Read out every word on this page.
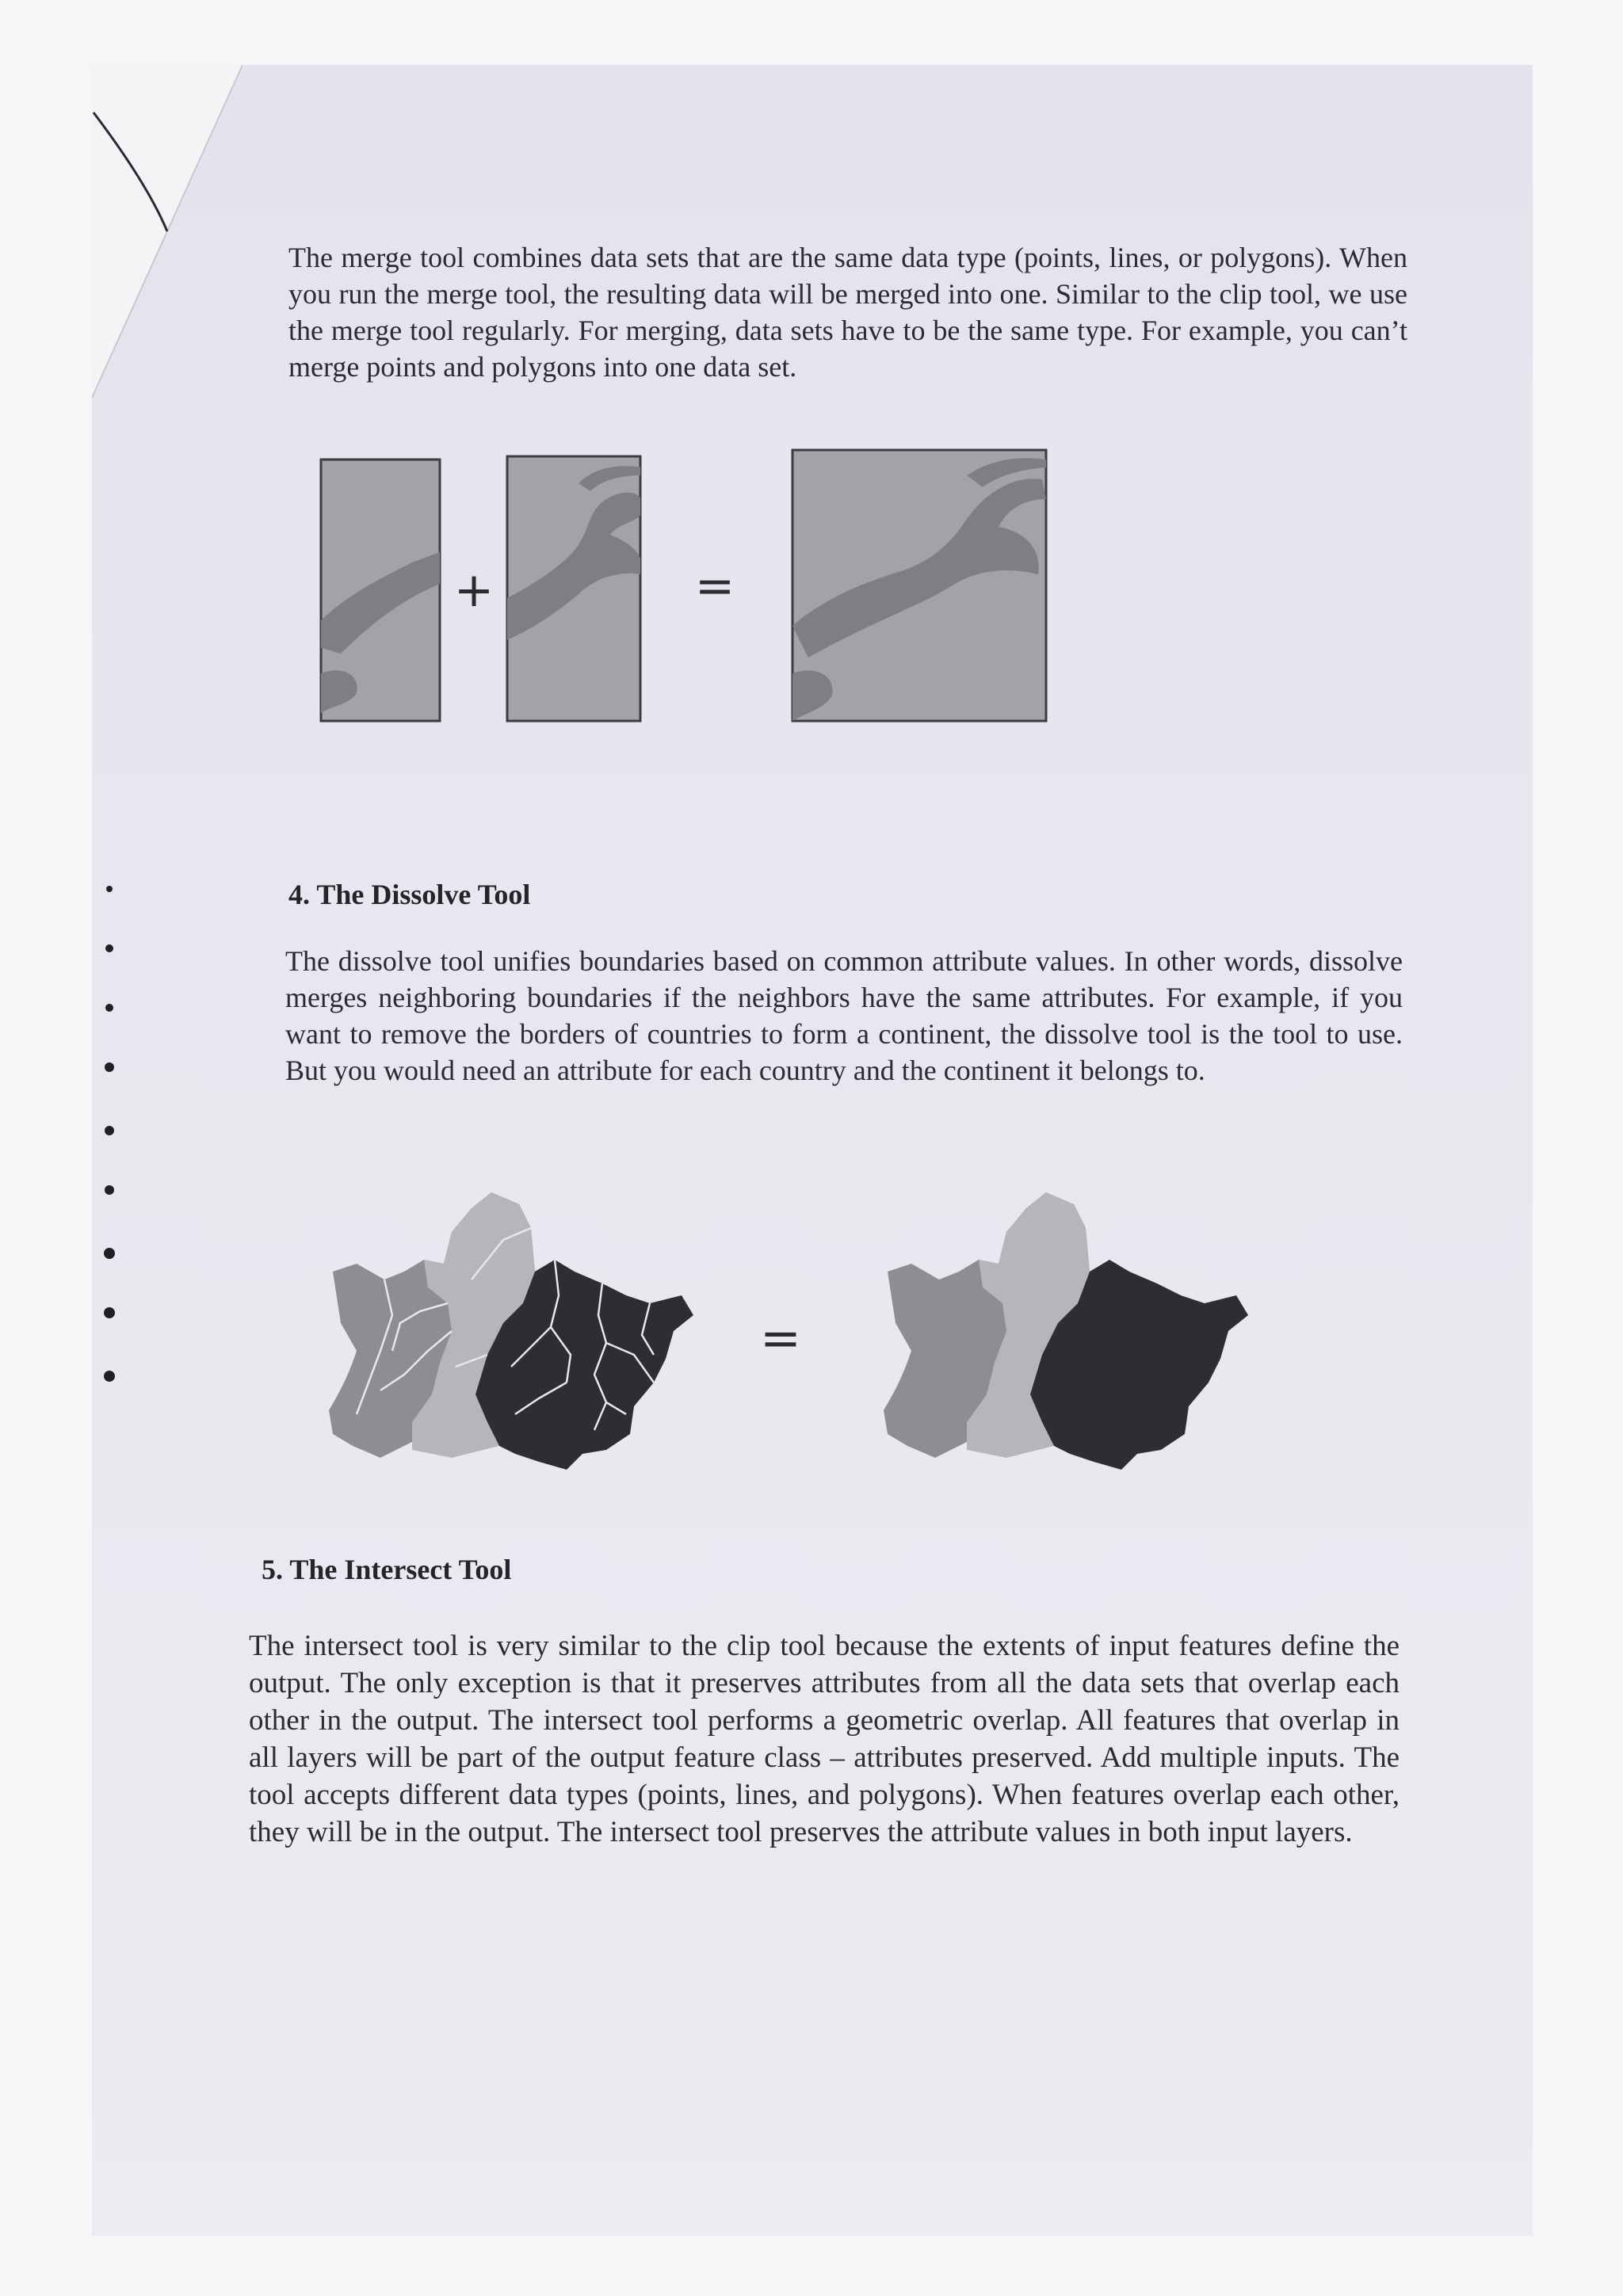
The merge tool combines data sets that are the same data type (points, lines, or polygons). When you run the merge tool, the resulting data will be merged into one. Similar to the clip tool, we use the merge tool regularly. For merging, data sets have to be the same type. For example, you can’t merge points and polygons into one data set.

+	=

4. The Dissolve Tool

The dissolve tool unifies boundaries based on common attribute values. In other words, dissolve merges neighboring boundaries if the neighbors have the same attributes. For example, if you want to remove the borders of countries to form a continent, the dissolve tool is the tool to use. But you would need an attribute for each country and the continent it belongs to.

=

5. The Intersect Tool

The intersect tool is very similar to the clip tool because the extents of input features define the output. The only exception is that it preserves attributes from all the data sets that overlap each other in the output. The intersect tool performs a geometric overlap. All features that overlap in all layers will be part of the output feature class – attributes preserved. Add multiple inputs. The tool accepts different data types (points, lines, and polygons). When features overlap each other, they will be in the output. The intersect tool preserves the attribute values in both input layers.
